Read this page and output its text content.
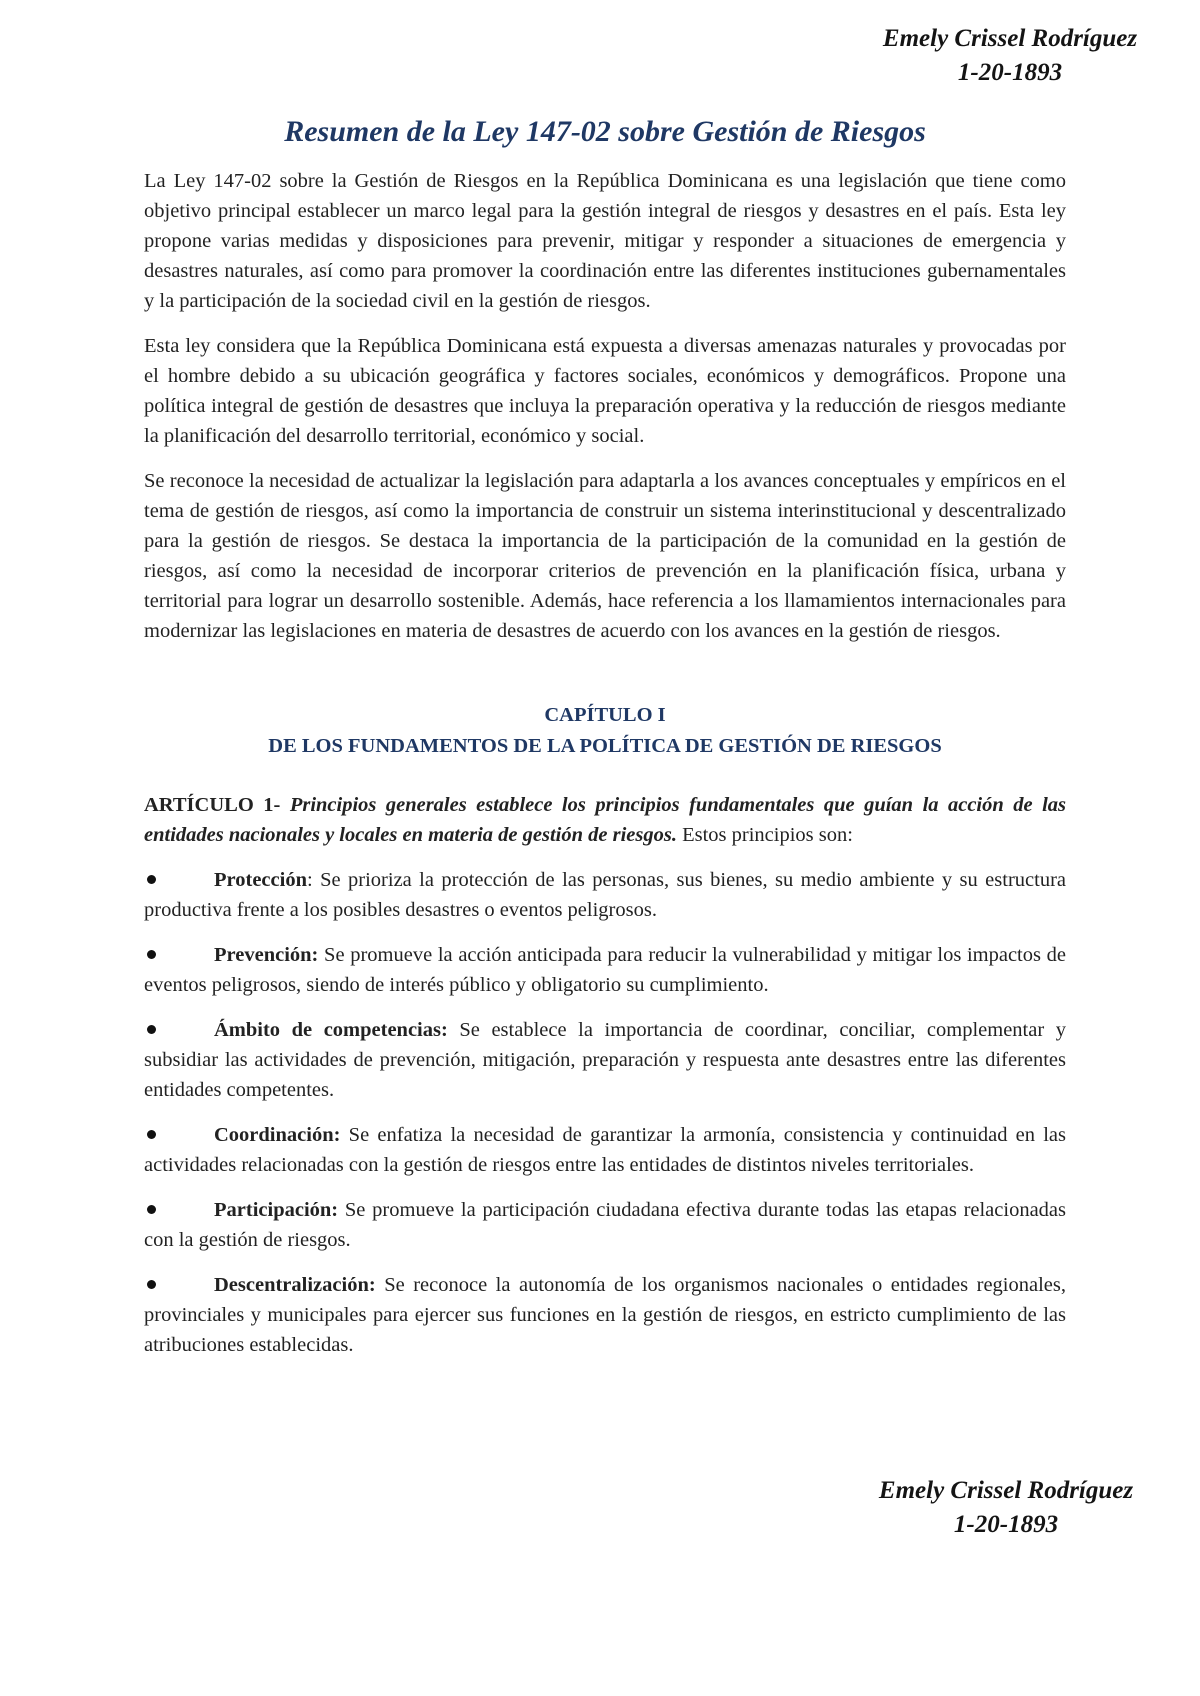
Emely Crissel Rodríguez
1-20-1893
Resumen de la Ley 147-02 sobre Gestión de Riesgos

La Ley 147-02 sobre la Gestión de Riesgos en la República Dominicana es una legislación que tiene como objetivo principal establecer un marco legal para la gestión integral de riesgos y desastres en el país. Esta ley propone varias medidas y disposiciones para prevenir, mitigar y responder a situaciones de emergencia y desastres naturales, así como para promover la coordinación entre las diferentes instituciones gubernamentales y la participación de la sociedad civil en la gestión de riesgos.

Esta ley considera que la República Dominicana está expuesta a diversas amenazas naturales y provocadas por el hombre debido a su ubicación geográfica y factores sociales, económicos y demográficos. Propone una política integral de gestión de desastres que incluya la preparación operativa y la reducción de riesgos mediante la planificación del desarrollo territorial, económico y social.

Se reconoce la necesidad de actualizar la legislación para adaptarla a los avances conceptuales y empíricos en el tema de gestión de riesgos, así como la importancia de construir un sistema interinstitucional y descentralizado para la gestión de riesgos. Se destaca la importancia de la participación de la comunidad en la gestión de riesgos, así como la necesidad de incorporar criterios de prevención en la planificación física, urbana y territorial para lograr un desarrollo sostenible. Además, hace referencia a los llamamientos internacionales para modernizar las legislaciones en materia de desastres de acuerdo con los avances en la gestión de riesgos.

CAPÍTULO I
DE LOS FUNDAMENTOS DE LA POLÍTICA DE GESTIÓN DE RIESGOS

ARTÍCULO 1- Principios generales establece los principios fundamentales que guían la acción de las entidades nacionales y locales en materia de gestión de riesgos. Estos principios son:

Protección: Se prioriza la protección de las personas, sus bienes, su medio ambiente y su estructura productiva frente a los posibles desastres o eventos peligrosos.
Prevención: Se promueve la acción anticipada para reducir la vulnerabilidad y mitigar los impactos de eventos peligrosos, siendo de interés público y obligatorio su cumplimiento.
Ámbito de competencias: Se establece la importancia de coordinar, conciliar, complementar y subsidiar las actividades de prevención, mitigación, preparación y respuesta ante desastres entre las diferentes entidades competentes.
Coordinación: Se enfatiza la necesidad de garantizar la armonía, consistencia y continuidad en las actividades relacionadas con la gestión de riesgos entre las entidades de distintos niveles territoriales.
Participación: Se promueve la participación ciudadana efectiva durante todas las etapas relacionadas con la gestión de riesgos.
Descentralización: Se reconoce la autonomía de los organismos nacionales o entidades regionales, provinciales y municipales para ejercer sus funciones en la gestión de riesgos, en estricto cumplimiento de las atribuciones establecidas.
Emely Crissel Rodríguez
1-20-1893
